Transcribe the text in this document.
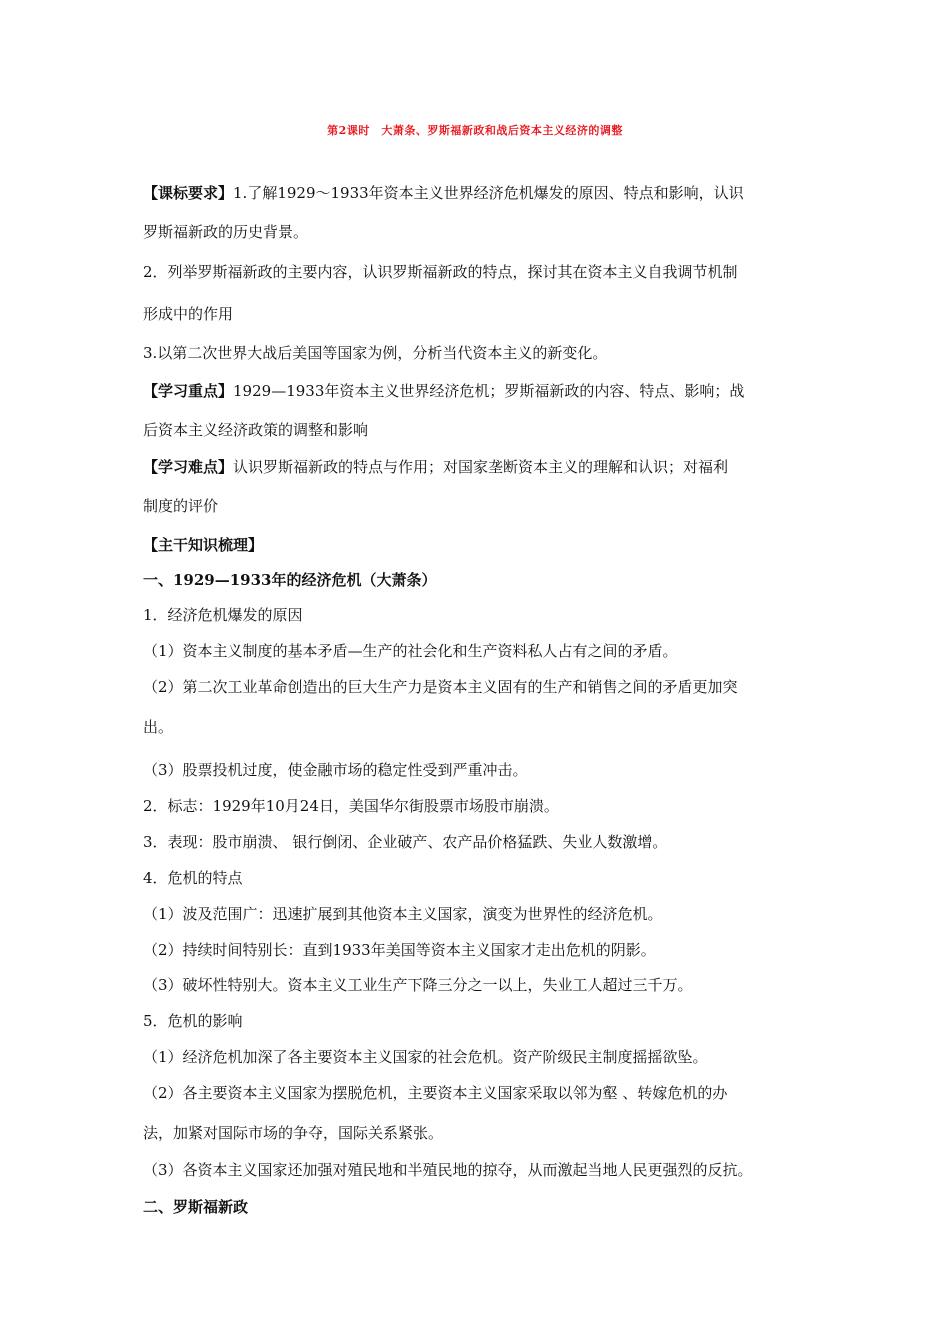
第2课时　大萧条、罗斯福新政和战后资本主义经济的调整
【课标要求】1.了解1929～1933年资本主义世界经济危机爆发的原因、特点和影响，认识
罗斯福新政的历史背景。
2．列举罗斯福新政的主要内容，认识罗斯福新政的特点，探讨其在资本主义自我调节机制
形成中的作用
3.以第二次世界大战后美国等国家为例，分析当代资本主义的新变化。
【学习重点】1929—1933年资本主义世界经济危机；罗斯福新政的内容、特点、影响；战
后资本主义经济政策的调整和影响
【学习难点】认识罗斯福新政的特点与作用；对国家垄断资本主义的理解和认识；对福利
制度的评价
【主干知识梳理】
一、1929—1933年的经济危机（大萧条）
1．经济危机爆发的原因
（1）资本主义制度的基本矛盾—生产的社会化和生产资料私人占有之间的矛盾。
（2）第二次工业革命创造出的巨大生产力是资本主义固有的生产和销售之间的矛盾更加突
出。
（3）股票投机过度，使金融市场的稳定性受到严重冲击。
2．标志：1929年10月24日，美国华尔街股票市场股市崩溃。
3．表现：股市崩溃、 银行倒闭、企业破产、农产品价格猛跌、失业人数激增。
4．危机的特点
（1）波及范围广：迅速扩展到其他资本主义国家，演变为世界性的经济危机。
（2）持续时间特别长：直到1933年美国等资本主义国家才走出危机的阴影。
（3）破坏性特别大。资本主义工业生产下降三分之一以上，失业工人超过三千万。
5．危机的影响
（1）经济危机加深了各主要资本主义国家的社会危机。资产阶级民主制度摇摇欲坠。
（2）各主要资本主义国家为摆脱危机，主要资本主义国家采取以邻为壑 、转嫁危机的办
法，加紧对国际市场的争夺，国际关系紧张。
（3）各资本主义国家还加强对殖民地和半殖民地的掠夺，从而激起当地人民更强烈的反抗。
二、罗斯福新政
